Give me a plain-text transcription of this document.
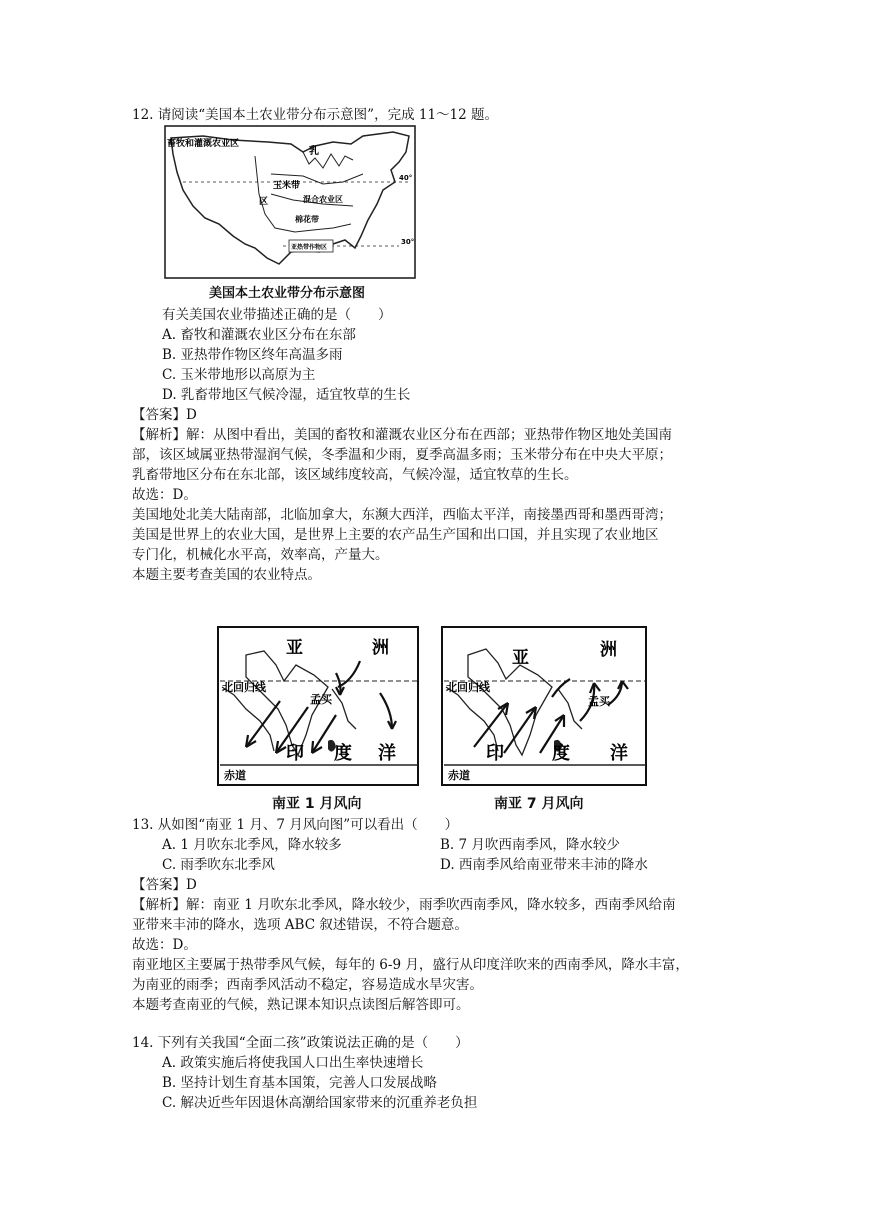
12. 请阅读“美国本土农业带分布示意图”，完成 11～12 题。
畜牧和灌溉农业区
乳
玉米带
区	混合农业区
棉花带
亚热带作物区
40°
30°
美国本土农业带分布示意图
有关美国农业带描述正确的是（　　）
A. 畜牧和灌溉农业区分布在东部
B. 亚热带作物区终年高温多雨
C. 玉米带地形以高原为主
D. 乳畜带地区气候冷湿，适宜牧草的生长
【答案】D
【解析】解：从图中看出，美国的畜牧和灌溉农业区分布在西部；亚热带作物区地处美国南
部，该区域属亚热带湿润气候，冬季温和少雨，夏季高温多雨；玉米带分布在中央大平原；
乳畜带地区分布在东北部，该区域纬度较高，气候冷湿，适宜牧草的生长。
故选：D。
美国地处北美大陆南部，北临加拿大，东濒大西洋，西临太平洋，南接墨西哥和墨西哥湾；
美国是世界上的农业大国，是世界上主要的农产品生产国和出口国，并且实现了农业地区
专门化，机械化水平高，效率高，产量大。
本题主要考查美国的农业特点。
亚	洲
北回归线
孟买
印 度 洋
赤道
南亚 1 月风向
亚	洲
北回归线
孟买
印	度 洋
赤道
南亚 7 月风向
13. 从如图“南亚 1 月、7 月风向图”可以看出（　　）
A. 1 月吹东北季风，降水较多	B. 7 月吹西南季风，降水较少
C. 雨季吹东北季风	D. 西南季风给南亚带来丰沛的降水
【答案】D
【解析】解：南亚 1 月吹东北季风，降水较少，雨季吹西南季风，降水较多，西南季风给南
亚带来丰沛的降水，选项 ABC 叙述错误，不符合题意。
故选：D。
南亚地区主要属于热带季风气候，每年的 6-9 月，盛行从印度洋吹来的西南季风，降水丰富，
为南亚的雨季；西南季风活动不稳定，容易造成水旱灾害。
本题考查南亚的气候，熟记课本知识点读图后解答即可。
14. 下列有关我国“全面二孩”政策说法正确的是（　　）
A. 政策实施后将使我国人口出生率快速增长
B. 坚持计划生育基本国策，完善人口发展战略
C. 解决近些年因退休高潮给国家带来的沉重养老负担
